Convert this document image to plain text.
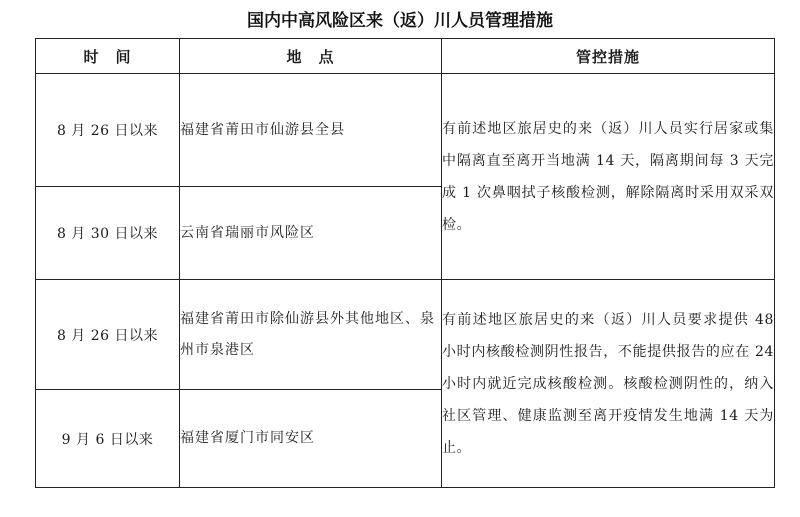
国内中高风险区来（返）川人员管理措施
时　间	地　点	管控措施
8 月 26 日以来	福建省莆田市仙游县全县	有前述地区旅居史的来（返）川人员实行居家或集中隔离直至离开当地满 14 天，隔离期间每 3 天完成 1 次鼻咽拭子核酸检测，解除隔离时采用双采双检。
8 月 30 日以来	云南省瑞丽市风险区	
8 月 26 日以来	福建省莆田市除仙游县外其他地区、泉州市泉港区	有前述地区旅居史的来（返）川人员要求提供 48 小时内核酸检测阴性报告，不能提供报告的应在 24 小时内就近完成核酸检测。核酸检测阴性的，纳入社区管理、健康监测至离开疫情发生地满 14 天为止。
9 月 6 日以来	福建省厦门市同安区	
